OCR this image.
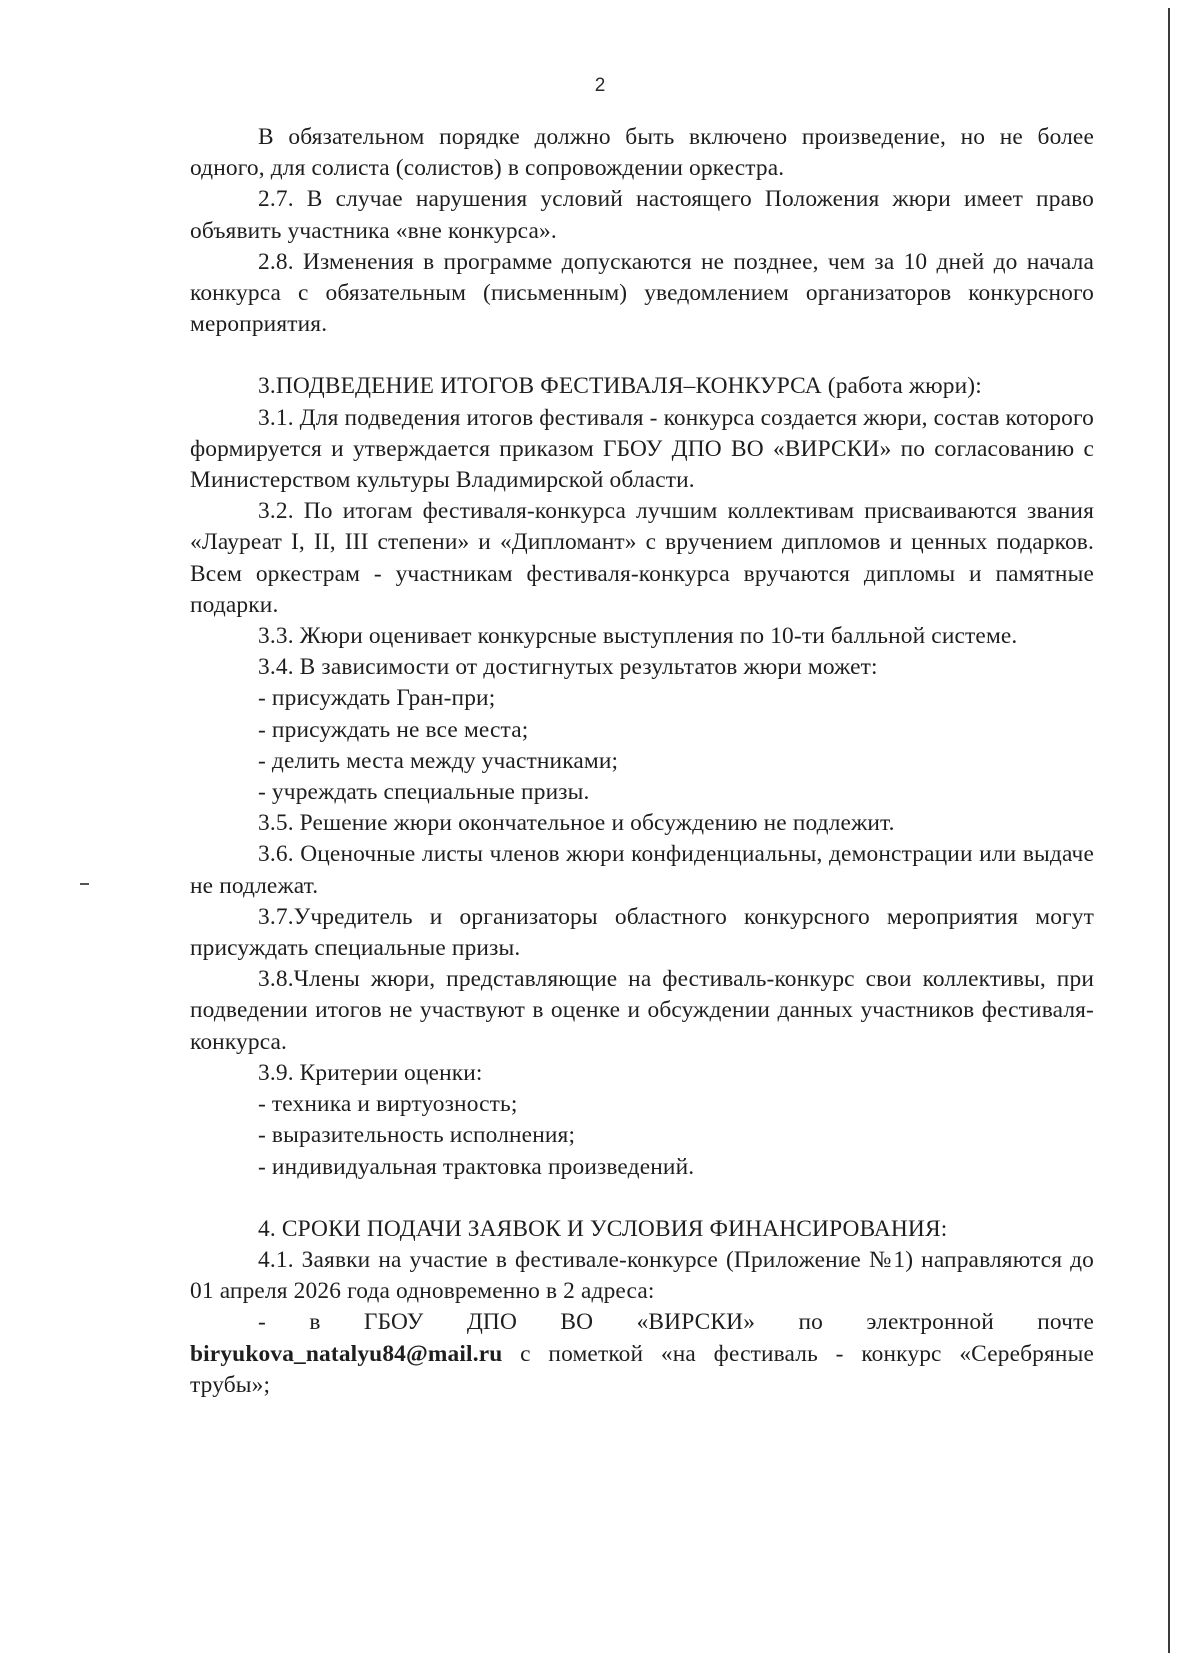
2

В обязательном порядке должно быть включено произведение, но не более одного, для солиста (солистов) в сопровождении оркестра.

2.7. В случае нарушения условий настоящего Положения жюри имеет право объявить участника «вне конкурса».

2.8. Изменения в программе допускаются не позднее, чем за 10 дней до начала конкурса с обязательным (письменным) уведомлением организаторов конкурсного мероприятия.

3.ПОДВЕДЕНИЕ ИТОГОВ ФЕСТИВАЛЯ–КОНКУРСА (работа жюри):

3.1. Для подведения итогов фестиваля - конкурса создается жюри, состав которого формируется и утверждается приказом ГБОУ ДПО ВО «ВИРСКИ» по согласованию с Министерством культуры Владимирской области.

3.2. По итогам фестиваля-конкурса лучшим коллективам присваиваются звания «Лауреат I, II, III степени» и «Дипломант» с вручением дипломов и ценных подарков. Всем оркестрам - участникам фестиваля-конкурса вручаются дипломы и памятные подарки.

3.3. Жюри оценивает конкурсные выступления по 10-ти балльной системе.

3.4. В зависимости от достигнутых результатов жюри может:

- присуждать Гран-при;

- присуждать не все места;

- делить места между участниками;

- учреждать специальные призы.

3.5. Решение жюри окончательное и обсуждению не подлежит.

3.6. Оценочные листы членов жюри конфиденциальны, демонстрации или выдаче не подлежат.

3.7.Учредитель и организаторы областного конкурсного мероприятия могут присуждать специальные призы.

3.8.Члены жюри, представляющие на фестиваль-конкурс свои коллективы, при подведении итогов не участвуют в оценке и обсуждении данных участников фестиваля-конкурса.

3.9. Критерии оценки:

- техника и виртуозность;

- выразительность исполнения;

- индивидуальная трактовка произведений.

4. СРОКИ ПОДАЧИ ЗАЯВОК И УСЛОВИЯ ФИНАНСИРОВАНИЯ:

4.1. Заявки на участие в фестивале-конкурсе (Приложение №1) направляются до 01 апреля 2026 года одновременно в 2 адреса:

- в ГБОУ ДПО ВО «ВИРСКИ» по электронной почте biryukova_natalyu84@mail.ru с пометкой «на фестиваль - конкурс «Серебряные трубы»;
